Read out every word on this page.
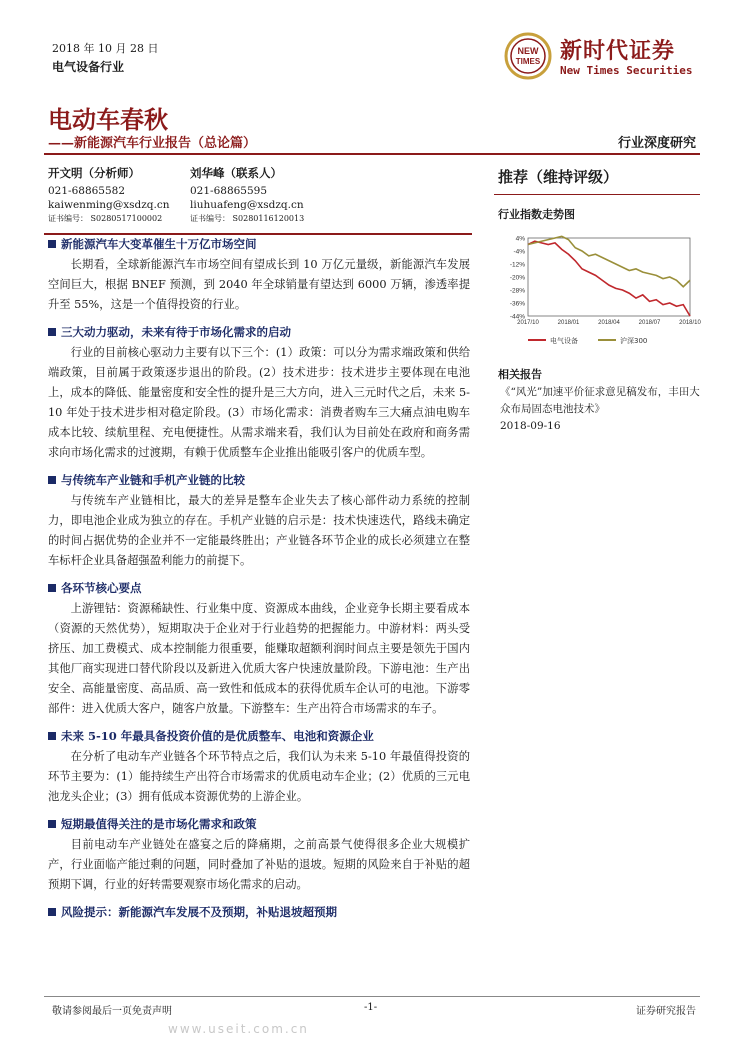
2018 年 10 月 28 日
电气设备行业
NEW
TIMES 新时代证券
New Times Securities
电动车春秋
——新能源汽车行业报告（总论篇）	行业深度研究
开文明（分析师）
021-68865582
kaiwenming@xsdzq.cn
证书编号： S0280517100002
刘华峰（联系人）
021-68865595
liuhuafeng@xsdzq.cn
证书编号： S0280116120013
新能源汽车大变革催生十万亿市场空间
长期看，全球新能源汽车市场空间有望成长到 10 万亿元量级，新能源汽车发展空间巨大，根据 BNEF 预测，到 2040 年全球销量有望达到 6000 万辆，渗透率提升至 55%，这是一个值得投资的行业。
三大动力驱动，未来有待于市场化需求的启动
行业的目前核心驱动力主要有以下三个：(1）政策：可以分为需求端政策和供给端政策，目前属于政策逐步退出的阶段。(2）技术进步：技术进步主要体现在电池上，成本的降低、能量密度和安全性的提升是三大方向，进入三元时代之后，未来 5-10 年处于技术进步相对稳定阶段。(3）市场化需求：消费者购车三大痛点油电购车成本比较、续航里程、充电便捷性。从需求端来看，我们认为目前处在政府和商务需求向市场化需求的过渡期，有赖于优质整车企业推出能吸引客户的优质车型。
与传统车产业链和手机产业链的比较
与传统车产业链相比，最大的差异是整车企业失去了核心部件动力系统的控制力，即电池企业成为独立的存在。手机产业链的启示是：技术快速迭代，路线未确定的时间占据优势的企业并不一定能最终胜出；产业链各环节企业的成长必须建立在整车标杆企业具备超强盈利能力的前提下。
各环节核心要点
上游锂钴：资源稀缺性、行业集中度、资源成本曲线，企业竞争长期主要看成本（资源的天然优势），短期取决于企业对于行业趋势的把握能力。中游材料：两头受挤压、加工费模式、成本控制能力很重要，能赚取超额利润时间点主要是领先于国内其他厂商实现进口替代阶段以及新进入优质大客户快速放量阶段。下游电池：生产出安全、高能量密度、高品质、高一致性和低成本的获得优质车企认可的电池。下游零部件：进入优质大客户，随客户放量。下游整车：生产出符合市场需求的车子。
未来 5-10 年最具备投资价值的是优质整车、电池和资源企业
在分析了电动车产业链各个环节特点之后，我们认为未来 5-10 年最值得投资的环节主要为：(1）能持续生产出符合市场需求的优质电动车企业；(2）优质的三元电池龙头企业；(3）拥有低成本资源优势的上游企业。
短期最值得关注的是市场化需求和政策
目前电动车产业链处在盛宴之后的降痛期，之前高景气使得很多企业大规模扩产，行业面临产能过剩的问题，同时叠加了补贴的退坡。短期的风险来自于补贴的超预期下调，行业的好转需要观察市场化需求的启动。
风险提示：新能源汽车发展不及预期，补贴退坡超预期
推荐（维持评级）
行业指数走势图
4%
-4%
-12%
-20%
-28%
-36%
-44%
2017/10	2018/01	2018/04	2018/07	2018/10
电气设备	沪深300
相关报告
《“风光”加速平价征求意见稿发布，丰田大众布局固态电池技术》
2018-09-16
敬请参阅最后一页免责声明	-1-	证券研究报告
www.useit.com.cn
